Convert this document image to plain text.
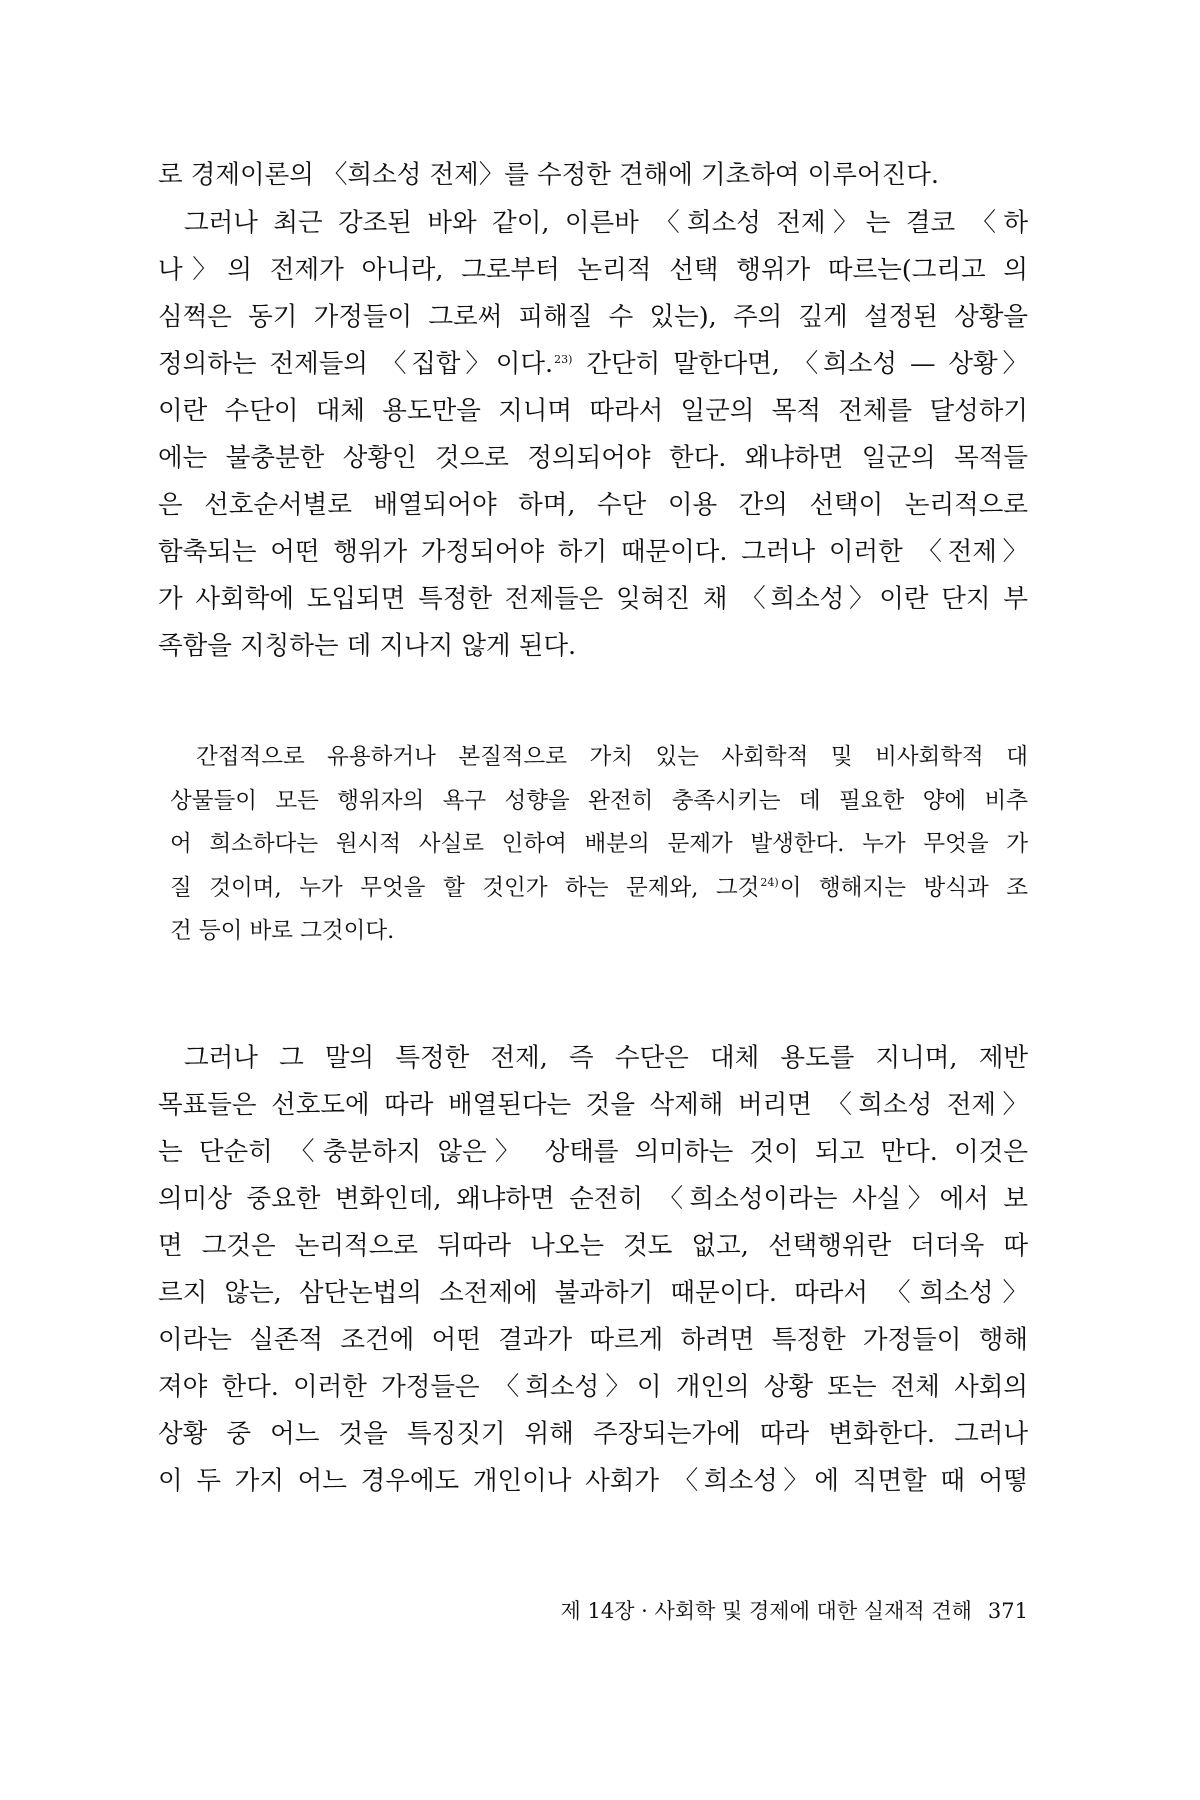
로 경제이론의 〈희소성 전제〉를 수정한 견해에 기초하여 이루어진다.
그러나 최근 강조된 바와 같이, 이른바 〈희소성 전제〉는 결코 〈하
나〉의 전제가 아니라, 그로부터 논리적 선택 행위가 따르는(그리고 의
심쩍은 동기 가정들이 그로써 피해질 수 있는), 주의 깊게 설정된 상황을
정의하는 전제들의 〈집합〉이다.$^{23)}$ 간단히 말한다면, 〈희소성 — 상황〉
이란 수단이 대체 용도만을 지니며 따라서 일군의 목적 전체를 달성하기
에는 불충분한 상황인 것으로 정의되어야 한다. 왜냐하면 일군의 목적들
은 선호순서별로 배열되어야 하며, 수단 이용 간의 선택이 논리적으로
함축되는 어떤 행위가 가정되어야 하기 때문이다. 그러나 이러한 〈전제〉
가 사회학에 도입되면 특정한 전제들은 잊혀진 채 〈희소성〉이란 단지 부
족함을 지칭하는 데 지나지 않게 된다.
간접적으로 유용하거나 본질적으로 가치 있는 사회학적 및 비사회학적 대
상물들이 모든 행위자의 욕구 성향을 완전히 충족시키는 데 필요한 양에 비추
어 희소하다는 원시적 사실로 인하여 배분의 문제가 발생한다. 누가 무엇을 가
질 것이며, 누가 무엇을 할 것인가 하는 문제와, 그것$^{24)}$이 행해지는 방식과 조
건 등이 바로 그것이다.
그러나 그 말의 특정한 전제, 즉 수단은 대체 용도를 지니며, 제반
목표들은 선호도에 따라 배열된다는 것을 삭제해 버리면 〈희소성 전제〉
는 단순히 〈충분하지 않은〉 상태를 의미하는 것이 되고 만다. 이것은
의미상 중요한 변화인데, 왜냐하면 순전히 〈희소성이라는 사실〉에서 보
면 그것은 논리적으로 뒤따라 나오는 것도 없고, 선택행위란 더더욱 따
르지 않는, 삼단논법의 소전제에 불과하기 때문이다. 따라서 〈희소성〉
이라는 실존적 조건에 어떤 결과가 따르게 하려면 특정한 가정들이 행해
져야 한다. 이러한 가정들은 〈희소성〉이 개인의 상황 또는 전체 사회의
상황 중 어느 것을 특징짓기 위해 주장되는가에 따라 변화한다. 그러나
이 두 가지 어느 경우에도 개인이나 사회가 〈희소성〉에 직면할 때 어떻
제 14장 · 사회학 및 경제에 대한 실재적 견해 371
